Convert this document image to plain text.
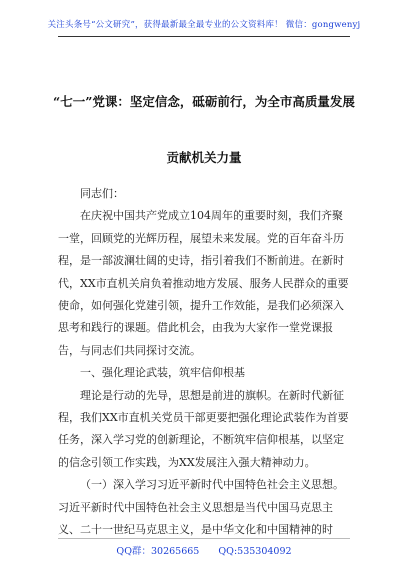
关注头条号“公文研究”，获得最新最全最专业的公文资料库！ 微信：gongwenyj
“七一”党课：坚定信念，砥砺前行，为全市高质量发展
贡献机关力量

同志们：

在庆祝中国共产党成立104周年的重要时刻，我们齐聚一堂，回顾党的光辉历程，展望未来发展。党的百年奋斗历程，是一部波澜壮阔的史诗，指引着我们不断前进。在新时代，XX市直机关肩负着推动地方发展、服务人民群众的重要使命，如何强化党建引领，提升工作效能，是我们必须深入思考和践行的课题。借此机会，由我为大家作一堂党课报告，与同志们共同探讨交流。

一、强化理论武装，筑牢信仰根基

理论是行动的先导，思想是前进的旗帜。在新时代新征程，我们XX市直机关党员干部更要把强化理论武装作为首要任务，深入学习党的创新理论，不断筑牢信仰根基，以坚定的信念引领工作实践，为XX发展注入强大精神动力。

（一）深入学习习近平新时代中国特色社会主义思想。习近平新时代中国特色社会主义思想是当代中国马克思主义、二十一世纪马克思主义，是中华文化和中国精神的时

QQ群：30265665 QQ:535304092
